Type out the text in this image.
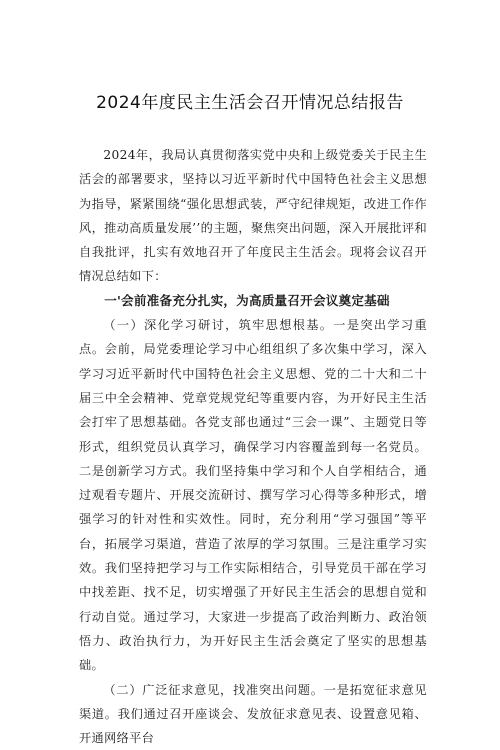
2024年度民主生活会召开情况总结报告

2024年，我局认真贯彻落实党中央和上级党委关于民主生活会的部署要求，坚持以习近平新时代中国特色社会主义思想为指导，紧紧围绕“强化思想武装，严守纪律规矩，改进工作作风，推动高质量发展’’的主题，聚焦突出问题，深入开展批评和自我批评，扎实有效地召开了年度民主生活会。现将会议召开情况总结如下：

一'会前准备充分扎实，为高质量召开会议奠定基础

（一）深化学习研讨，筑牢思想根基。一是突出学习重点。会前，局党委理论学习中心组组织了多次集中学习，深入学习习近平新时代中国特色社会主义思想、党的二十大和二十届三中全会精神、党章党规党纪等重要内容，为开好民主生活会打牢了思想基础。各党支部也通过“三会一课”、主题党日等形式，组织党员认真学习，确保学习内容覆盖到每一名党员。二是创新学习方式。我们坚持集中学习和个人自学相结合，通过观看专题片、开展交流研讨、撰写学习心得等多种形式，增强学习的针对性和实效性。同时，充分利用“学习强国”等平台，拓展学习渠道，营造了浓厚的学习氛围。三是注重学习实效。我们坚持把学习与工作实际相结合，引导党员干部在学习中找差距、找不足，切实增强了开好民主生活会的思想自觉和行动自觉。通过学习，大家进一步提高了政治判断力、政治领悟力、政治执行力，为开好民主生活会奠定了坚实的思想基础。

（二）广泛征求意见，找准突出问题。一是拓宽征求意见渠道。我们通过召开座谈会、发放征求意见表、设置意见箱、开通网络平台
